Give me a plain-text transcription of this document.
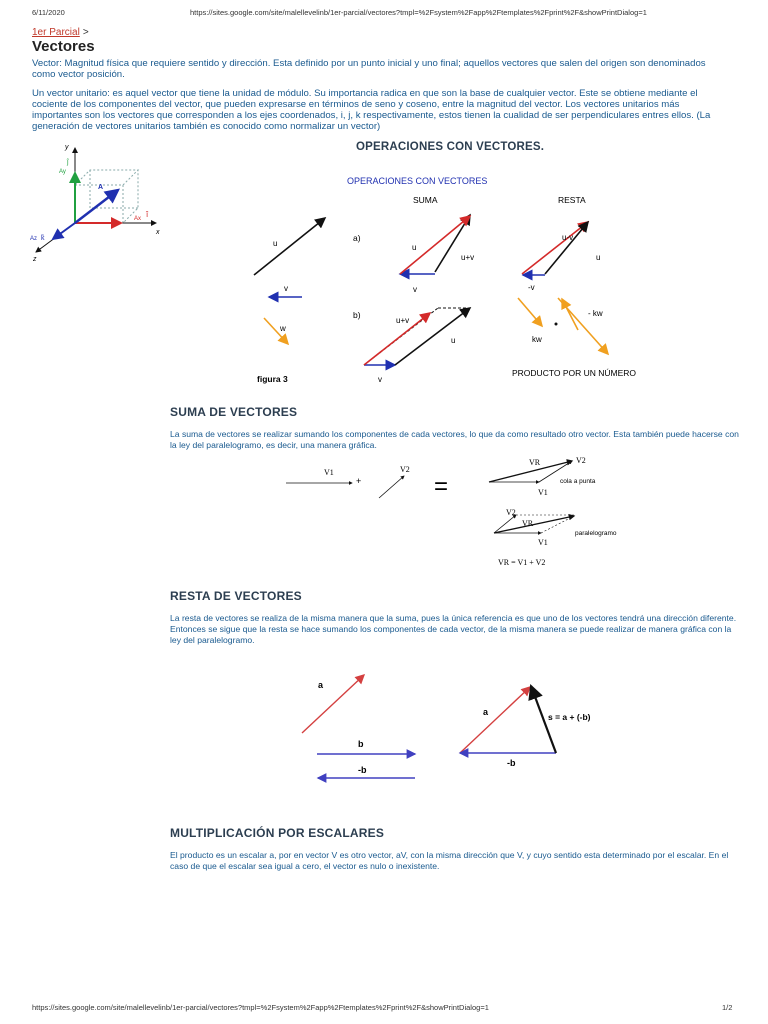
6/11/2020	https://sites.google.com/site/malellevelinb/1er-parcial/vectores?tmpl=%2Fsystem%2Fapp%2Ftemplates%2Fprint%2F&showPrintDialog=1
1er Parcial >
Vectores

Vector: Magnitud física que requiere sentido y dirección. Esta definido por un punto inicial y uno final; aquellos vectores que salen del origen son denominados como vector posición.

Un vector unitario: es aquel vector que tiene la unidad de módulo. Su importancia radica en que son la base de cualquier vector. Este se obtiene mediante el cociente de los componentes del vector, que pueden expresarse en términos de seno y coseno, entre la magnitud del vector. Los vectores unitarios más importantes son los vectores que corresponden a los ejes coordenados, i, j, k respectivamente, estos tienen la cualidad de ser perpendiculares entres ellos. (La generación de vectores unitarios también es conocido como normalizar un vector)

y
x
z
A
ĵ
Ay
î
Ax
Az k̂
OPERACIONES CON VECTORES.
OPERACIONES CON VECTORES
SUMA	RESTA
u
v
w
a)
u
u+v
v
u-v
u
-v
b)
u+v
u
v
kw
- kw
figura 3
PRODUCTO POR UN NÚMERO
SUMA DE VECTORES

La suma de vectores se realizar sumando los componentes de cada vectores, lo que da como resultado otro vector. Esta también puede hacerse con la ley del paralelogramo, es decir, una manera gráfica.

V1
+
V2
=
VR	V2
V1
cola a punta
V2
VR
V1
paralelogramo
VR = V1 + V2
RESTA DE VECTORES

La resta de vectores se realiza de la misma manera que la suma, pues la única referencia es que uno de los vectores tendrá una dirección diferente. Entonces se sigue que la resta se hace sumando los componentes de cada vector, de la misma manera se puede realizar de manera gráfica con la ley del paralelogramo.

a
b
-b
a
-b
s = a + (-b)
MULTIPLICACIÓN POR ESCALARES

El producto es un escalar a, por en vector V es otro vector, aV, con la misma dirección que V, y cuyo sentido esta determinado por el escalar. En el caso de que el escalar sea igual a cero, el vector es nulo o inexistente.

https://sites.google.com/site/malellevelinb/1er-parcial/vectores?tmpl=%2Fsystem%2Fapp%2Ftemplates%2Fprint%2F&showPrintDialog=1	1/2
